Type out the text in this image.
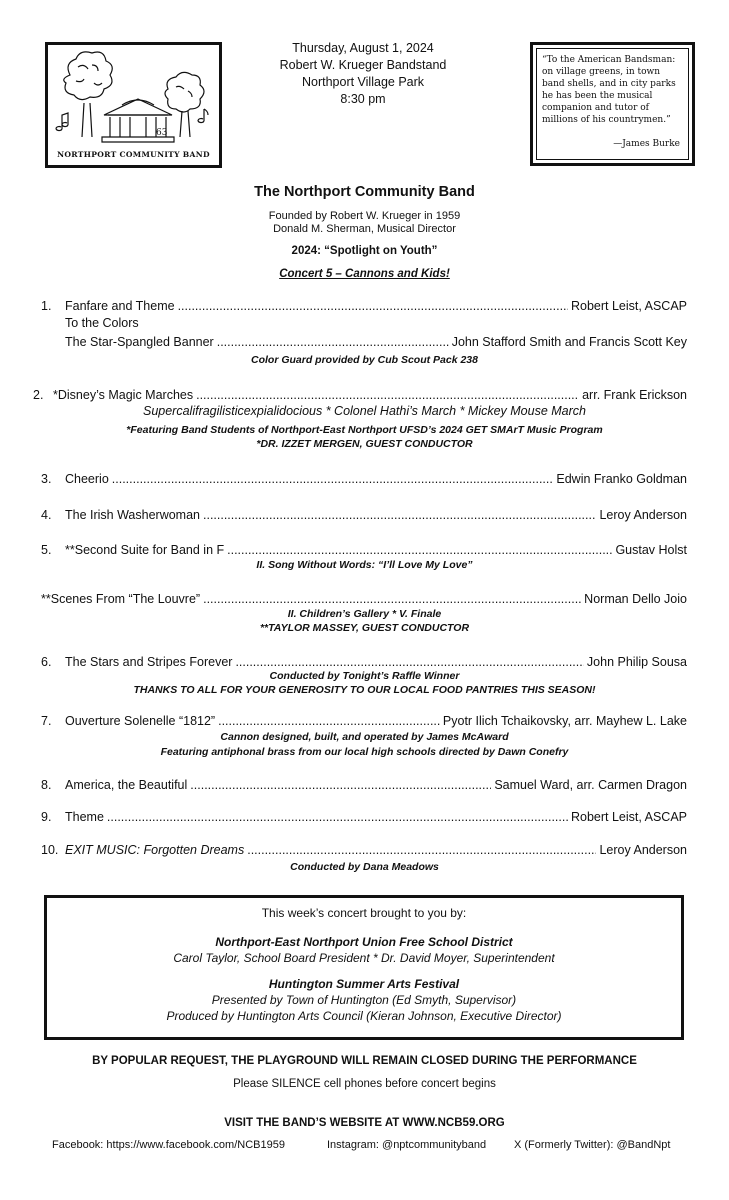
63
NORTHPORT COMMUNITY BAND
Thursday, August 1, 2024
Robert W. Krueger Bandstand
Northport Village Park
8:30 pm
“To the American Bandsman: on village greens, in town band shells, and in city parks he has been the musical companion and tutor of millions of his countrymen.”
—James Burke
The Northport Community Band
Founded by Robert W. Krueger in 1959
Donald M. Sherman, Musical Director
2024: “Spotlight on Youth”
Concert 5 – Cannons and Kids!
1.	Fanfare and Theme .....	Robert Leist, ASCAP
To the Colors
The Star-Spangled Banner .....	John Stafford Smith and Francis Scott Key
Color Guard provided by Cub Scout Pack 238
2. *Disney’s Magic Marches .....	arr. Frank Erickson
Supercalifragilisticexpialidocious * Colonel Hathi’s March * Mickey Mouse March
*Featuring Band Students of Northport-East Northport UFSD’s 2024 GET SMArT Music Program
*DR. IZZET MERGEN, GUEST CONDUCTOR
3.	Cheerio .....	Edwin Franko Goldman
4.	The Irish Washerwoman .....	Leroy Anderson
5.	**Second Suite for Band in F .....	Gustav Holst
II. Song Without Words: “I’ll Love My Love”
**Scenes From “The Louvre” .....	Norman Dello Joio
II. Children’s Gallery * V. Finale
**TAYLOR MASSEY, GUEST CONDUCTOR
6.	The Stars and Stripes Forever .....	John Philip Sousa
Conducted by Tonight’s Raffle Winner
THANKS TO ALL FOR YOUR GENEROSITY TO OUR LOCAL FOOD PANTRIES THIS SEASON!
7.	Ouverture Solenelle “1812” .....	Pyotr Ilich Tchaikovsky, arr. Mayhew L. Lake
Cannon designed, built, and operated by James McAward
Featuring antiphonal brass from our local high schools directed by Dawn Conefry
8.	America, the Beautiful .....	Samuel Ward, arr. Carmen Dragon
9.	Theme .....	Robert Leist, ASCAP
10. EXIT MUSIC: Forgotten Dreams .....	Leroy Anderson
Conducted by Dana Meadows
This week’s concert brought to you by:
Northport-East Northport Union Free School District
Carol Taylor, School Board President * Dr. David Moyer, Superintendent
Huntington Summer Arts Festival
Presented by Town of Huntington (Ed Smyth, Supervisor)
Produced by Huntington Arts Council (Kieran Johnson, Executive Director)
BY POPULAR REQUEST, THE PLAYGROUND WILL REMAIN CLOSED DURING THE PERFORMANCE
Please SILENCE cell phones before concert begins
VISIT THE BAND’S WEBSITE AT WWW.NCB59.ORG
Facebook: https://www.facebook.com/NCB1959	Instagram: @nptcommunityband	X (Formerly Twitter): @BandNpt
